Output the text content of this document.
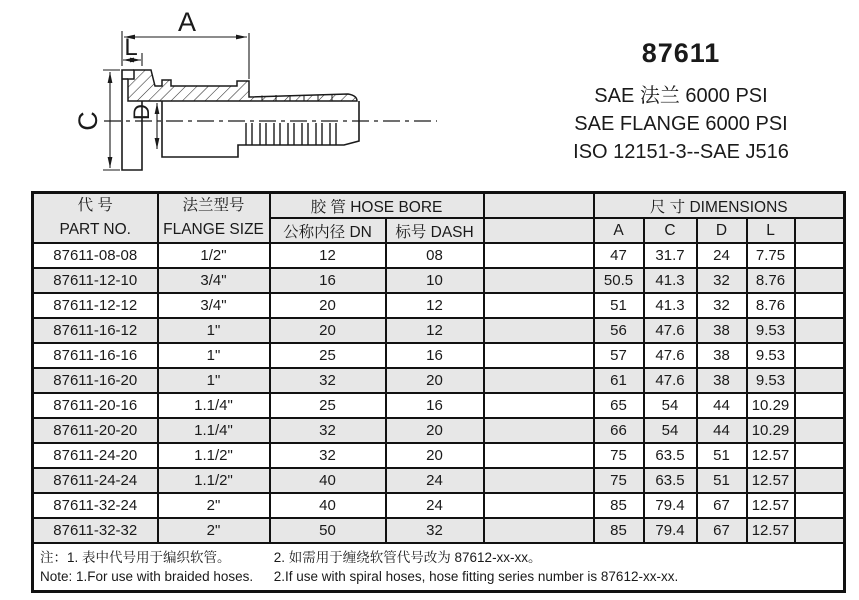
A
L
C D
87611
SAE 法兰 6000 PSI
SAE FLANGE 6000 PSI
ISO 12151-3--SAE J516
代 号
PART NO.

法兰型号
FLANGE SIZE
	胶 管 HOSE BORE		尺 寸 DIMENSIONS
		公称内径 DN	标号 DASH		A	C	D	L	
87611-08-08	1/2"	12	08		47	31.7	24	7.75	
87611-12-10	3/4"	16	10		50.5	41.3	32	8.76	
87611-12-12	3/4"	20	12		51	41.3	32	8.76	
87611-16-12	1"	20	12		56	47.6	38	9.53	
87611-16-16	1"	25	16		57	47.6	38	9.53	
87611-16-20	1"	32	20		61	47.6	38	9.53	
87611-20-16	1.1/4"	25	16		65	54	44	10.29	
87611-20-20	1.1/4"	32	20		66	54	44	10.29	
87611-24-20	1.1/2"	32	20		75	63.5	51	12.57	
87611-24-24	1.1/2"	40	24		75	63.5	51	12.57	
87611-32-24	2"	40	24		85	79.4	67	12.57	
87611-32-32	2"	50	32		85	79.4	67	12.57	

注：1. 表中代号用于编织软管。 2. 如需用于缠绕软管代号改为 87612-xx-xx。
Note: 1.For use with braided hoses. 2.If use with spiral hoses, hose fitting series number is 87612-xx-xx.									
